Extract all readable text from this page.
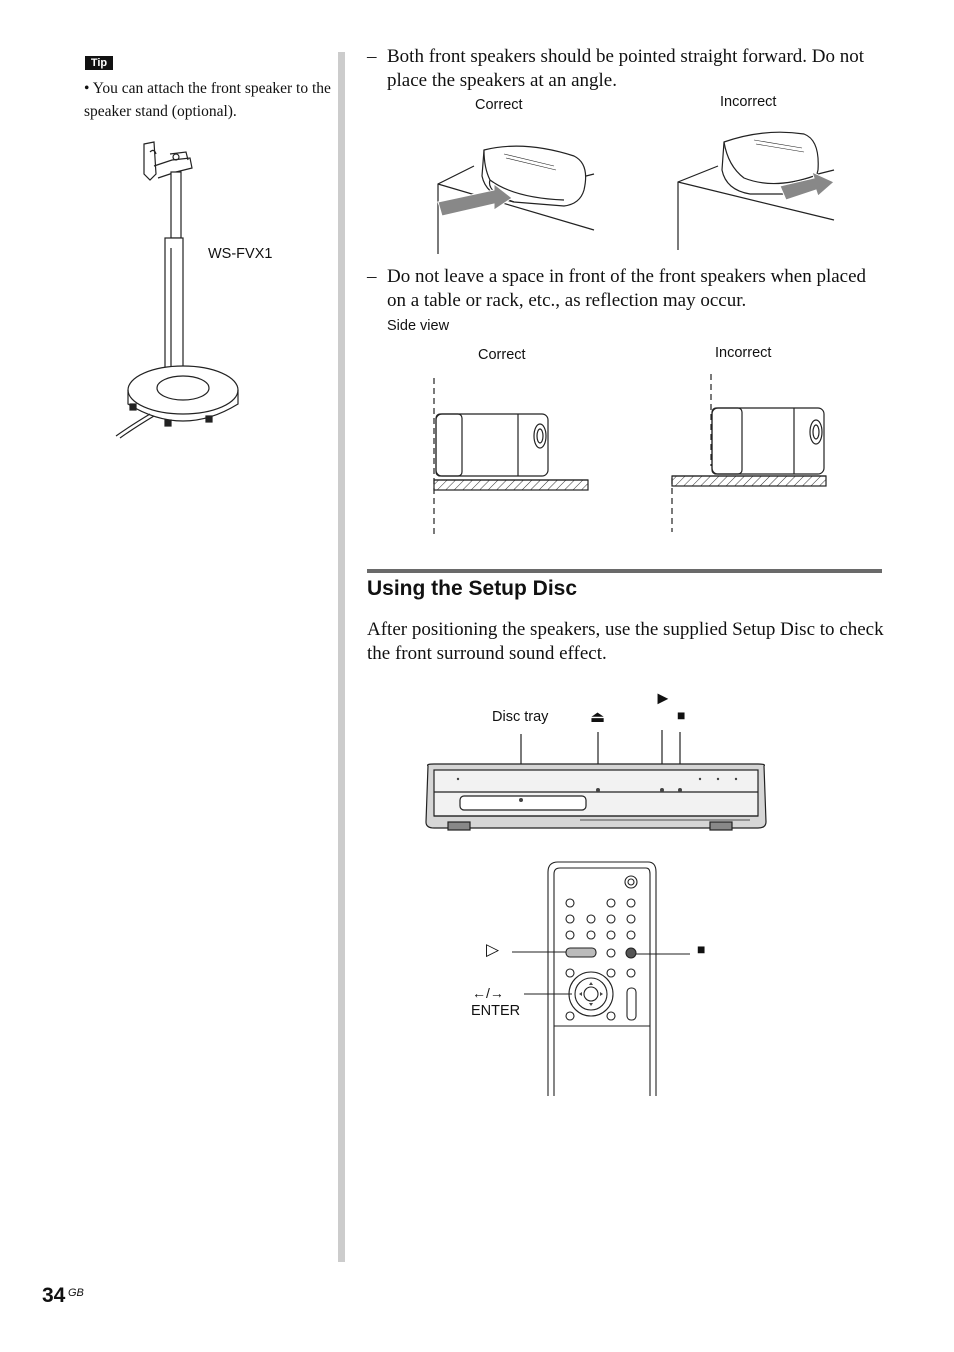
Tip
• You can attach the front speaker to the speaker stand (optional).
WS-FVX1
– Both front speakers should be pointed straight forward. Do not
place the speakers at an angle.
Correct	Incorrect
– Do not leave a space in front of the front speakers when placed
on a table or rack, etc., as reflection may occur.
Side view
Correct	Incorrect
Using the Setup Disc
After positioning the speakers, use the supplied Setup Disc to check
the front surround sound effect.
Disc tray	⏏
►
■
▷	■
←/→
ENTER
34 GB
